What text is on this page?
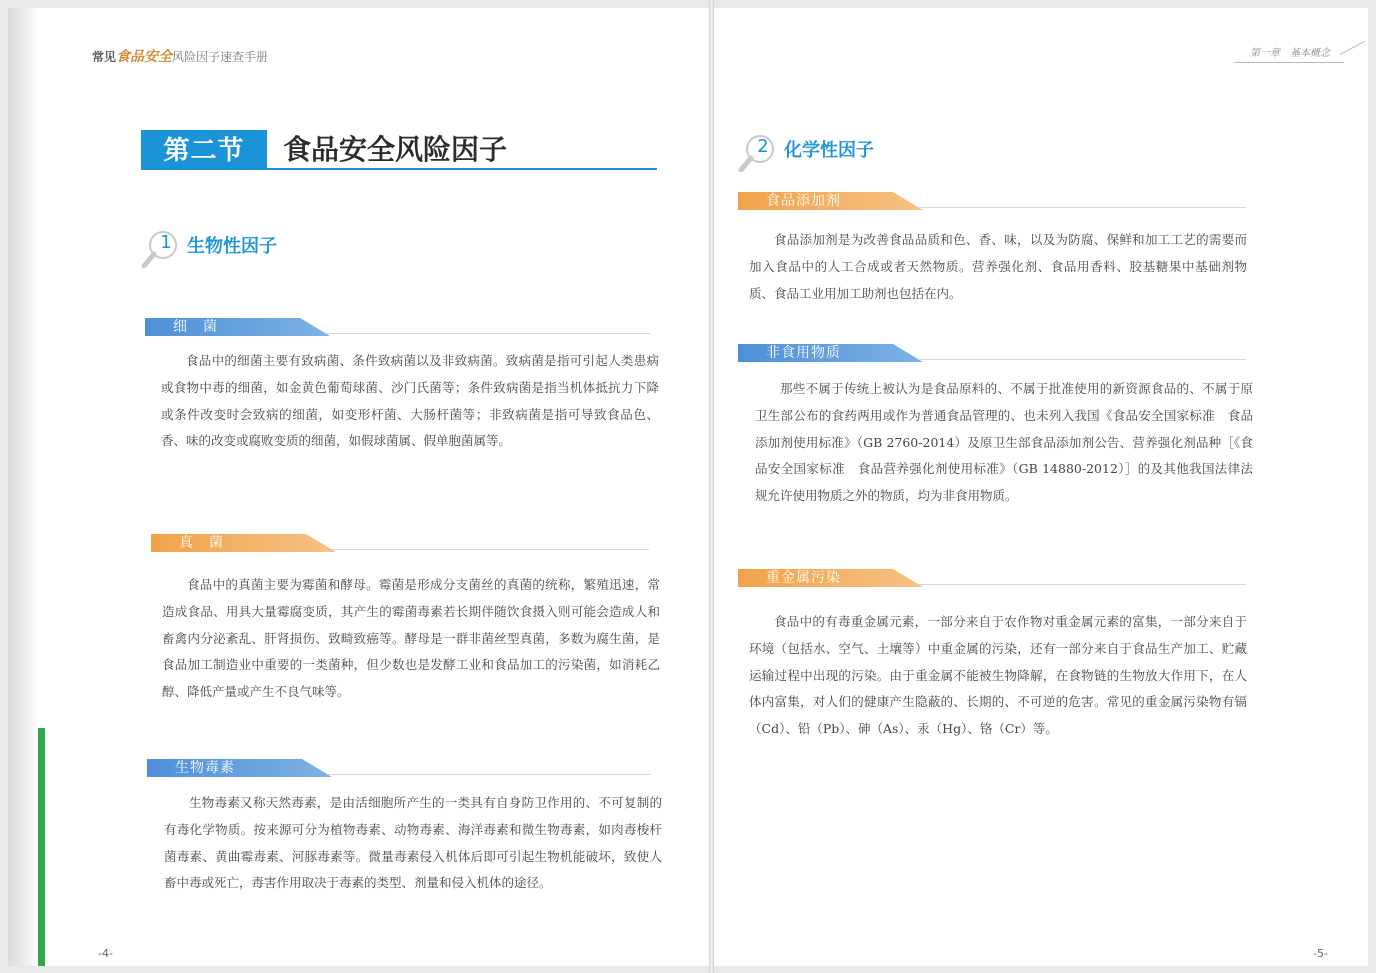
常见食品安全风险因子速查手册
第二节	食品安全风险因子
1 生物性因子
细　菌
食品中的细菌主要有致病菌、条件致病菌以及非致病菌。致病菌是指可引起人类患病或食物中毒的细菌，如金黄色葡萄球菌、沙门氏菌等；条件致病菌是指当机体抵抗力下降或条件改变时会致病的细菌，如变形杆菌、大肠杆菌等；非致病菌是指可导致食品色、香、味的改变或腐败变质的细菌，如假球菌属、假单胞菌属等。
真　菌
食品中的真菌主要为霉菌和酵母。霉菌是形成分支菌丝的真菌的统称，繁殖迅速，常造成食品、用具大量霉腐变质，其产生的霉菌毒素若长期伴随饮食摄入则可能会造成人和畜禽内分泌紊乱、肝肾损伤、致畸致癌等。酵母是一群非菌丝型真菌，多数为腐生菌，是食品加工制造业中重要的一类菌种，但少数也是发酵工业和食品加工的污染菌，如消耗乙醇、降低产量或产生不良气味等。
生物毒素
生物毒素又称天然毒素，是由活细胞所产生的一类具有自身防卫作用的、不可复制的有毒化学物质。按来源可分为植物毒素、动物毒素、海洋毒素和微生物毒素，如肉毒梭杆菌毒素、黄曲霉毒素、河豚毒素等。微量毒素侵入机体后即可引起生物机能破坏，致使人畜中毒或死亡，毒害作用取决于毒素的类型、剂量和侵入机体的途径。
-4-
第一章　基本概念
2 化学性因子
食品添加剂
食品添加剂是为改善食品品质和色、香、味，以及为防腐、保鲜和加工工艺的需要而加入食品中的人工合成或者天然物质。营养强化剂、食品用香料、胶基糖果中基础剂物质、食品工业用加工助剂也包括在内。
非食用物质
那些不属于传统上被认为是食品原料的、不属于批准使用的新资源食品的、不属于原卫生部公布的食药两用或作为普通食品管理的、也未列入我国《食品安全国家标准　食品添加剂使用标准》（GB 2760-2014）及原卫生部食品添加剂公告、营养强化剂品种［《食品安全国家标准　食品营养强化剂使用标准》（GB 14880-2012）］的及其他我国法律法规允许使用物质之外的物质，均为非食用物质。
重金属污染
食品中的有毒重金属元素，一部分来自于农作物对重金属元素的富集，一部分来自于环境（包括水、空气、土壤等）中重金属的污染，还有一部分来自于食品生产加工、贮藏运输过程中出现的污染。由于重金属不能被生物降解，在食物链的生物放大作用下，在人体内富集，对人们的健康产生隐蔽的、长期的、不可逆的危害。常见的重金属污染物有镉（Cd）、铅（Pb）、砷（As）、汞（Hg）、铬（Cr）等。
-5-
